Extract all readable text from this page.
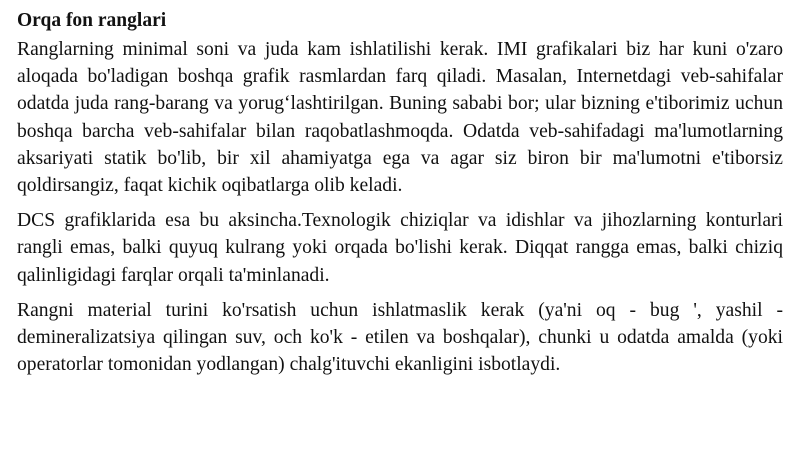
Orqa fon ranglari

Ranglarning minimal soni va juda kam ishlatilishi kerak. IMI grafikalari biz har kuni o'zaro aloqada bo'ladigan boshqa grafik rasmlardan farq qiladi. Masalan, Internetdagi veb-sahifalar odatda juda rang-barang va yorug‘lashtirilgan. Buning sababi bor; ular bizning e'tiborimiz uchun boshqa barcha veb-sahifalar bilan raqobatlashmoqda. Odatda veb-sahifadagi ma'lumotlarning aksariyati statik bo'lib, bir xil ahamiyatga ega va agar siz biron bir ma'lumotni e'tiborsiz qoldirsangiz, faqat kichik oqibatlarga olib keladi.

DCS grafiklarida esa bu aksincha.Texnologik chiziqlar va idishlar va jihozlarning konturlari rangli emas, balki quyuq kulrang yoki orqada bo'lishi kerak. Diqqat rangga emas, balki chiziq qalinligidagi farqlar orqali ta'minlanadi.

Rangni material turini ko'rsatish uchun ishlatmaslik kerak (ya'ni oq - bug ', yashil - demineralizatsiya qilingan suv, och ko'k - etilen va boshqalar), chunki u odatda amalda (yoki operatorlar tomonidan yodlangan) chalg'ituvchi ekanligini isbotlaydi.
